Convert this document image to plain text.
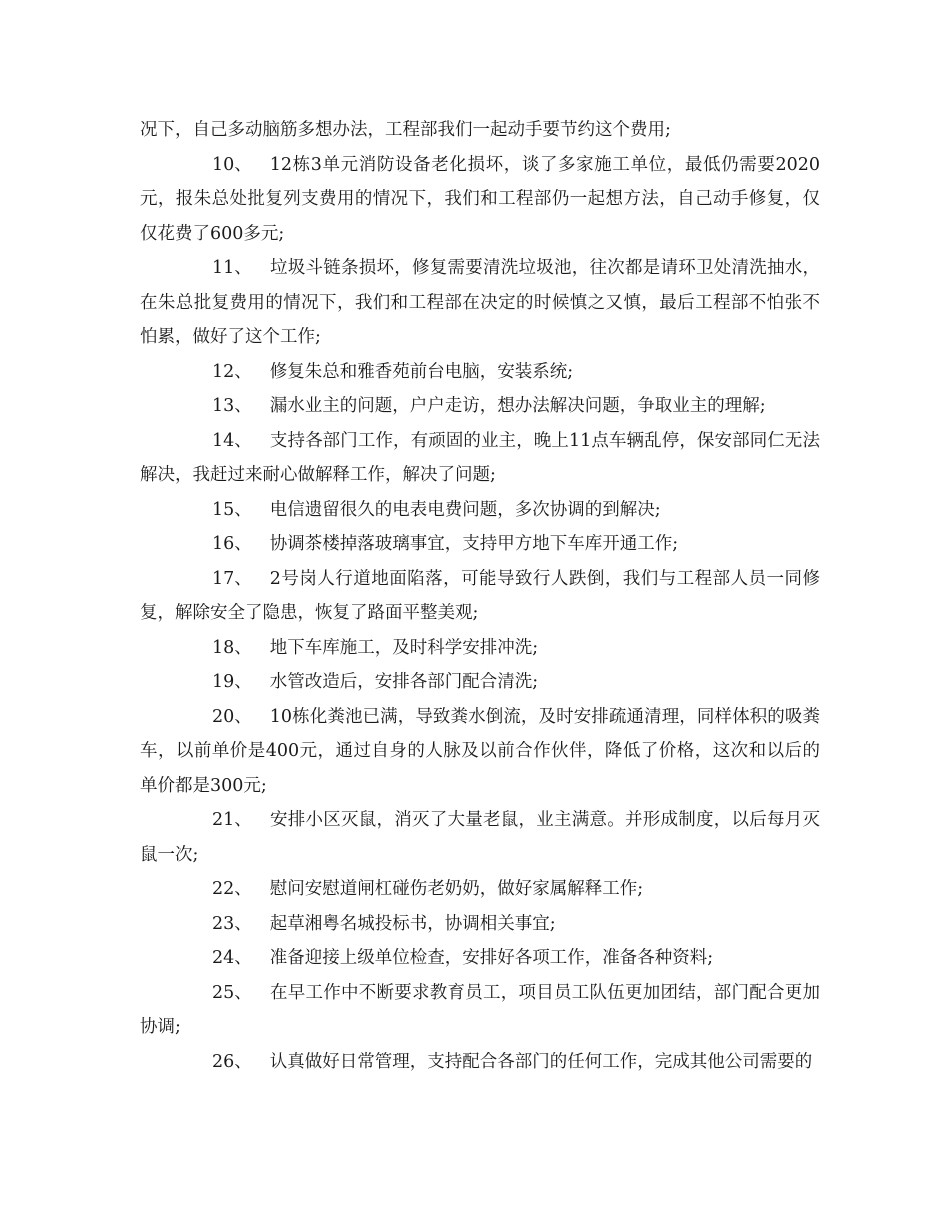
况下，自己多动脑筋多想办法，工程部我们一起动手要节约这个费用;

10、 12栋3单元消防设备老化损坏，谈了多家施工单位，最低仍需要2020元，报朱总处批复列支费用的情况下，我们和工程部仍一起想方法，自己动手修复，仅仅花费了600多元;

11、 垃圾斗链条损坏，修复需要清洗垃圾池，往次都是请环卫处清洗抽水，在朱总批复费用的情况下，我们和工程部在决定的时候慎之又慎，最后工程部不怕张不怕累，做好了这个工作;

12、 修复朱总和雅香苑前台电脑，安装系统;

13、 漏水业主的问题，户户走访，想办法解决问题，争取业主的理解;

14、 支持各部门工作，有顽固的业主，晚上11点车辆乱停，保安部同仁无法解决，我赶过来耐心做解释工作，解决了问题;

15、 电信遗留很久的电表电费问题，多次协调的到解决;

16、 协调茶楼掉落玻璃事宜，支持甲方地下车库开通工作;

17、 2号岗人行道地面陷落，可能导致行人跌倒，我们与工程部人员一同修复，解除安全了隐患，恢复了路面平整美观;

18、 地下车库施工，及时科学安排冲洗;

19、 水管改造后，安排各部门配合清洗;

20、 10栋化粪池已满，导致粪水倒流，及时安排疏通清理，同样体积的吸粪车，以前单价是400元，通过自身的人脉及以前合作伙伴，降低了价格，这次和以后的单价都是300元;

21、 安排小区灭鼠，消灭了大量老鼠，业主满意。并形成制度，以后每月灭鼠一次;

22、 慰问安慰道闸杠碰伤老奶奶，做好家属解释工作;

23、 起草湘粤名城投标书，协调相关事宜;

24、 准备迎接上级单位检查，安排好各项工作，准备各种资料;

25、 在早工作中不断要求教育员工，项目员工队伍更加团结，部门配合更加协调;

26、 认真做好日常管理，支持配合各部门的任何工作，完成其他公司需要的
